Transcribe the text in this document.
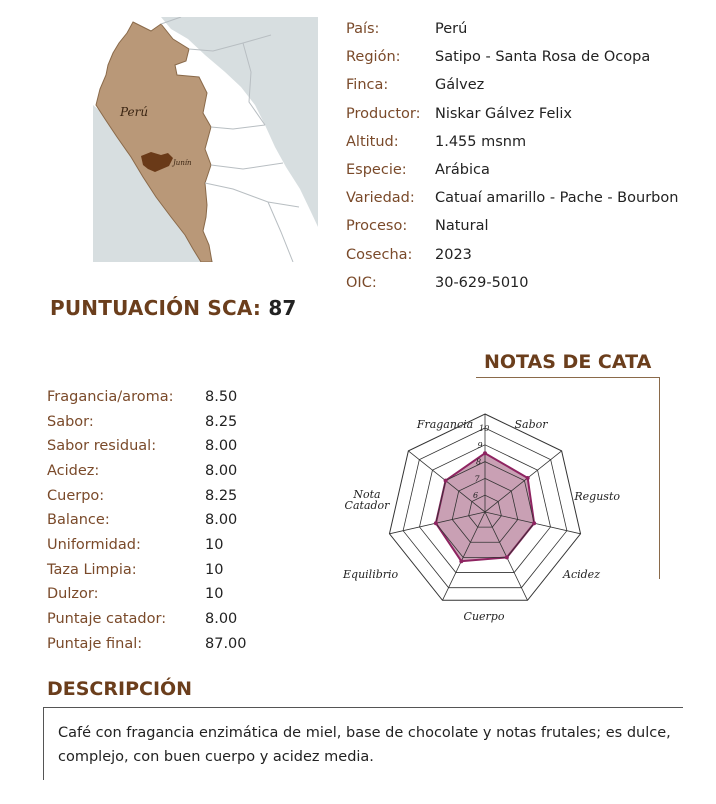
Perú
Junín
País:	Perú
Región: Satipo - Santa Rosa de Ocopa
Finca:	Gálvez
Productor: Niskar Gálvez Felix
Altitud:	1.455 msnm
Especie: Arábica
Variedad: Catuaí amarillo - Pache - Bourbon
Proceso: Natural
Cosecha: 2023
OIC:	30-629-5010
PUNTUACIÓN SCA: 87
NOTAS DE CATA
Fragancia/aroma: 8.50
Sabor:	8.25
Sabor residual:	8.00
Acidez:	8.00
Cuerpo:	8.25
Balance:	8.00
Uniformidad:	10
Taza Limpia:	10
Dulzor:	10
Puntaje catador:	8.00
Puntaje final:	87.00
6
7
8
9
10
Fragancia	Sabor
Regusto
Acidez
Cuerpo
Equilibrio
Nota
Catador
DESCRIPCIÓN
Café con fragancia enzimática de miel, base de chocolate y notas frutales; es dulce, complejo, con buen cuerpo y acidez media.
